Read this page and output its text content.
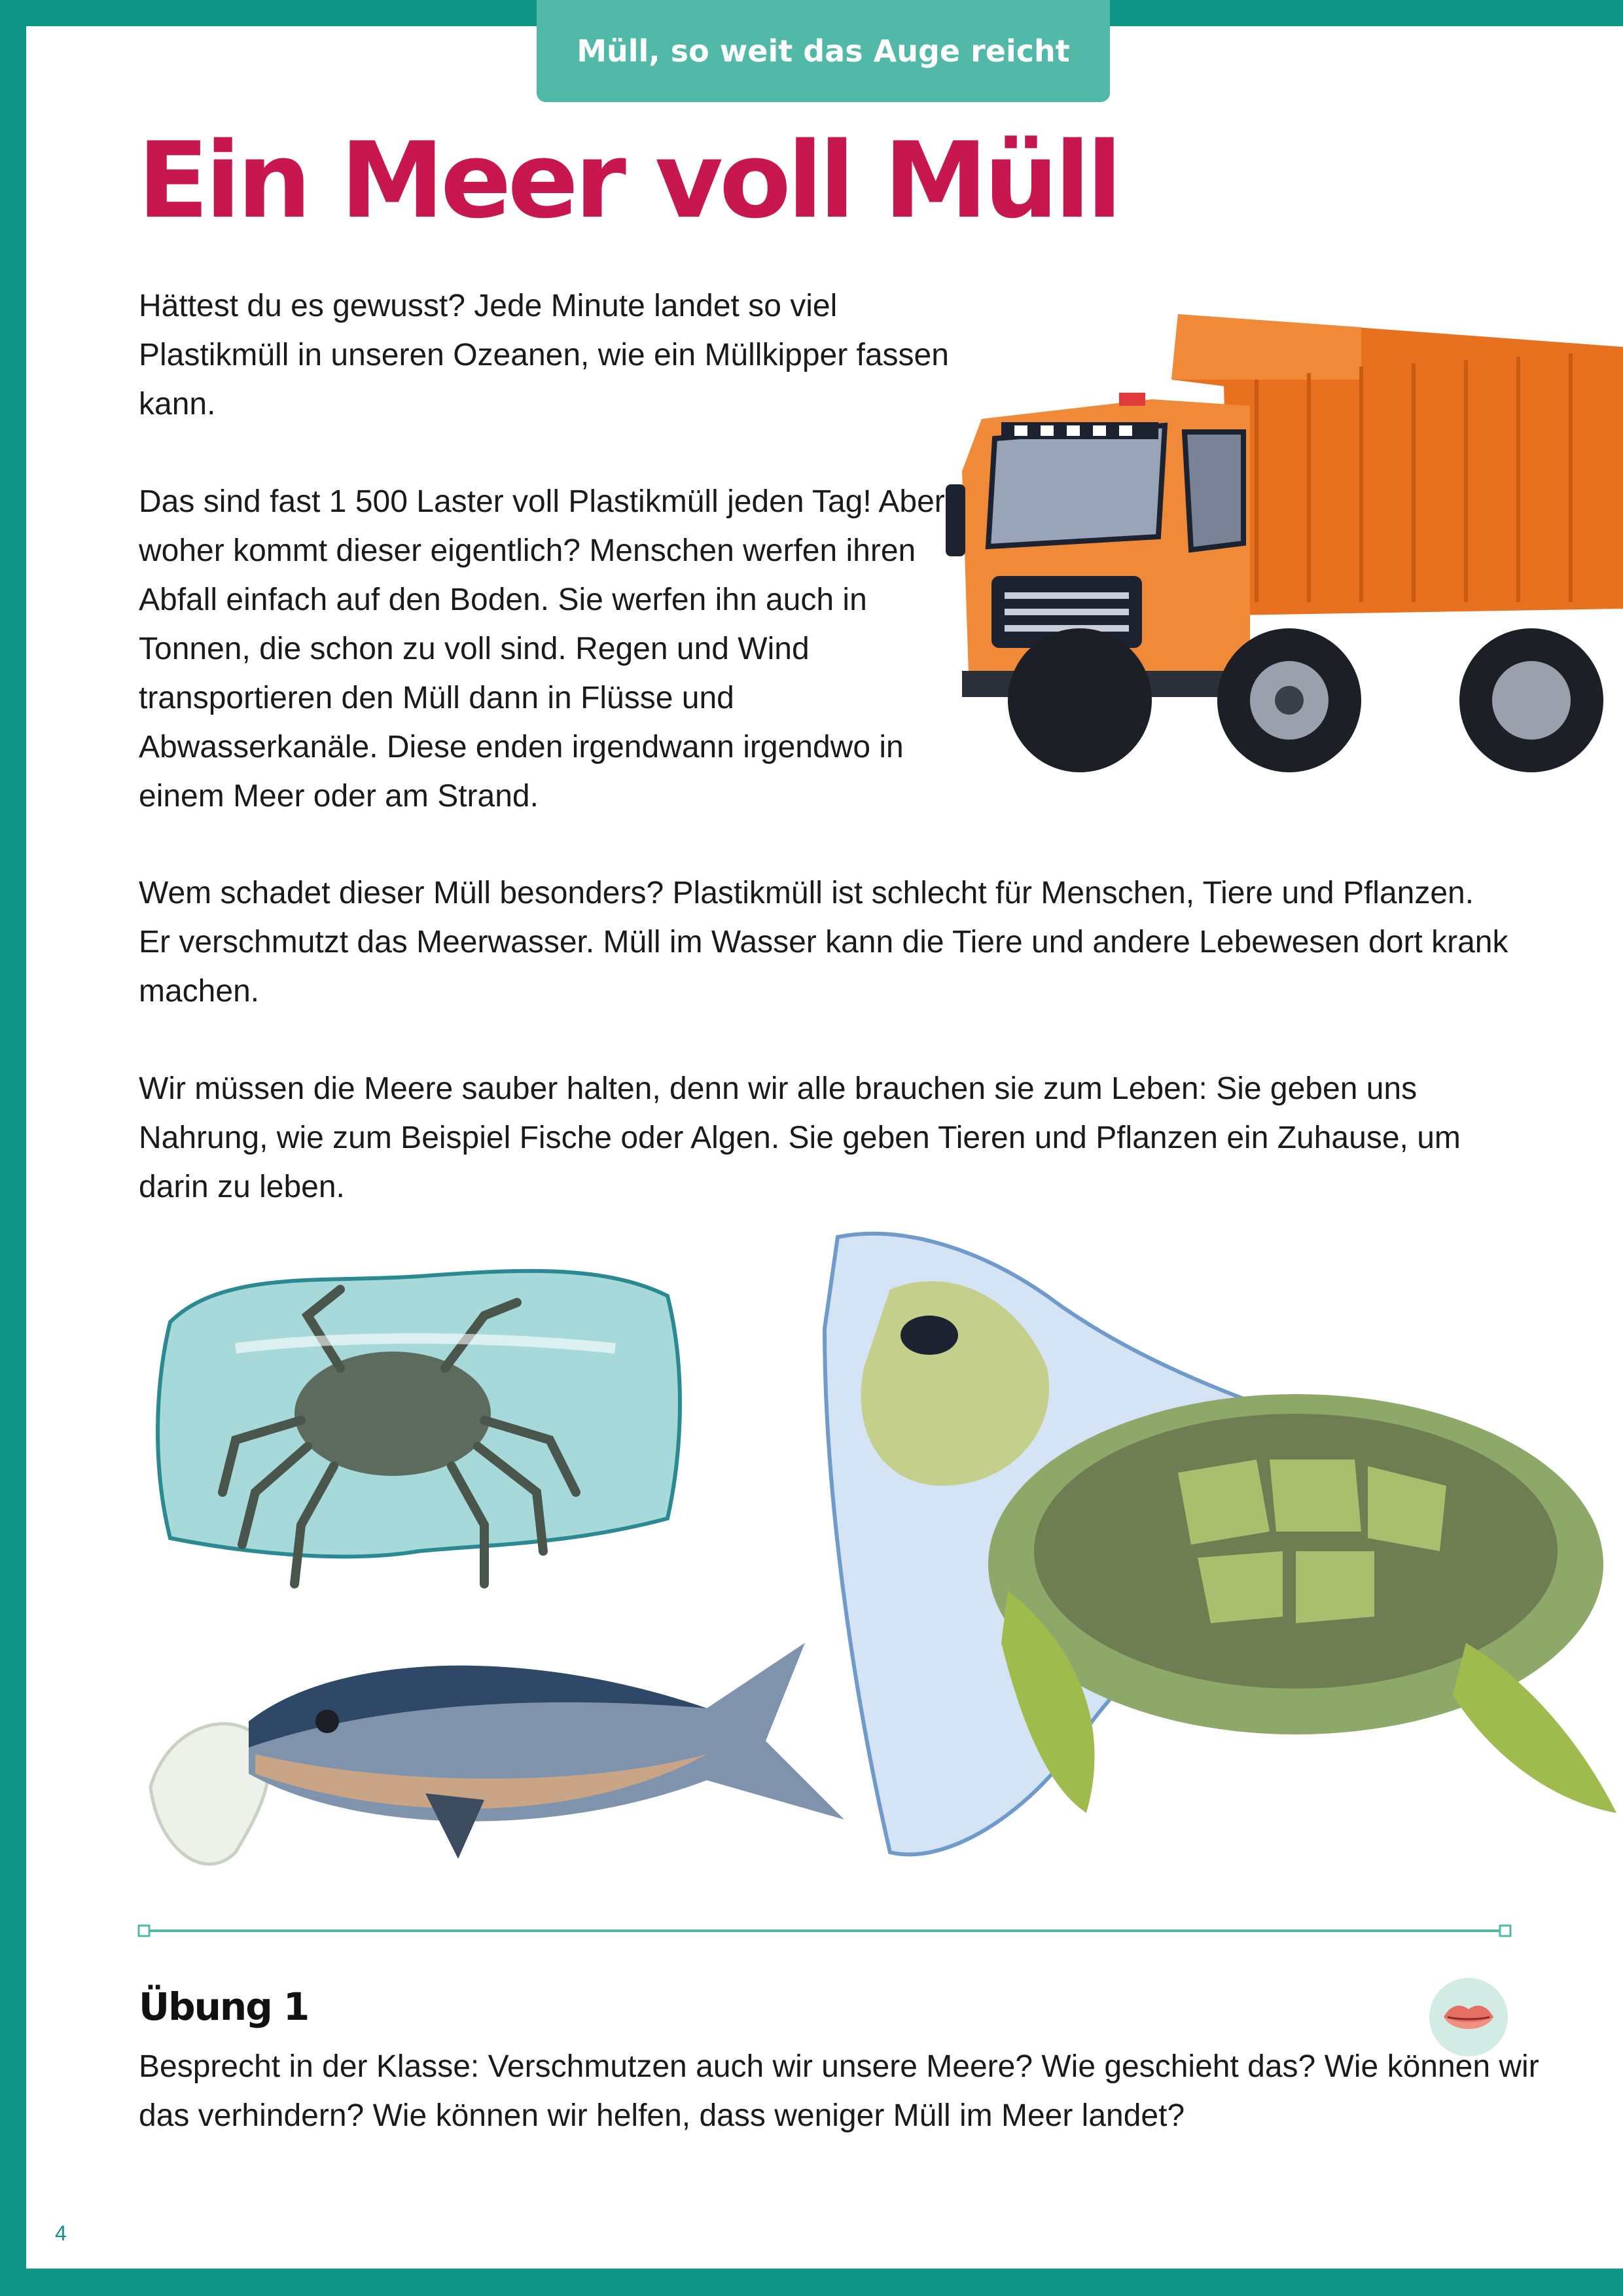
Müll, so weit das Auge reicht
Ein Meer voll Müll

Hättest du es gewusst? Jede Minute landet so viel Plastikmüll in unseren Ozeanen, wie ein Müllkipper fassen kann.

Das sind fast 1 500 Laster voll Plastikmüll jeden Tag! Aber woher kommt dieser eigentlich? Menschen werfen ihren Abfall einfach auf den Boden. Sie werfen ihn auch in Tonnen, die schon zu voll sind. Regen und Wind transportieren den Müll dann in Flüsse und Abwasserkanäle. Diese enden irgendwann irgendwo in einem Meer oder am Strand.

Wem schadet dieser Müll besonders? Plastikmüll ist schlecht für Menschen, Tiere und Pflanzen. Er verschmutzt das Meerwasser. Müll im Wasser kann die Tiere und andere Lebewesen dort krank machen.

Wir müssen die Meere sauber halten, denn wir alle brauchen sie zum Leben: Sie geben uns Nahrung, wie zum Beispiel Fische oder Algen. Sie geben Tieren und Pflanzen ein Zuhause, um darin zu leben.

Übung 1

Besprecht in der Klasse: Verschmutzen auch wir unsere Meere? Wie geschieht das? Wie können wir das verhindern? Wie können wir helfen, dass weniger Müll im Meer landet?

4
